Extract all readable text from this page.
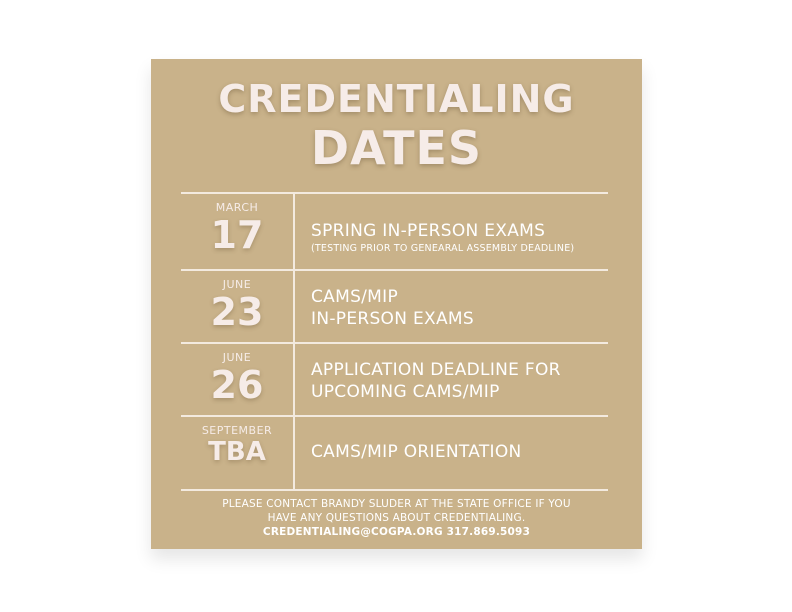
CREDENTIALING
DATES
MARCH
17	SPRING IN-PERSON EXAMS
(TESTING PRIOR TO GENEARAL ASSEMBLY DEADLINE)
JUNE
23	CAMS/MIP
IN-PERSON EXAMS
JUNE
26	APPLICATION DEADLINE FOR
UPCOMING CAMS/MIP
SEPTEMBER
TBA	CAMS/MIP ORIENTATION
PLEASE CONTACT BRANDY SLUDER AT THE STATE OFFICE IF YOU
HAVE ANY QUESTIONS ABOUT CREDENTIALING.
CREDENTIALING@COGPA.ORG 317.869.5093
